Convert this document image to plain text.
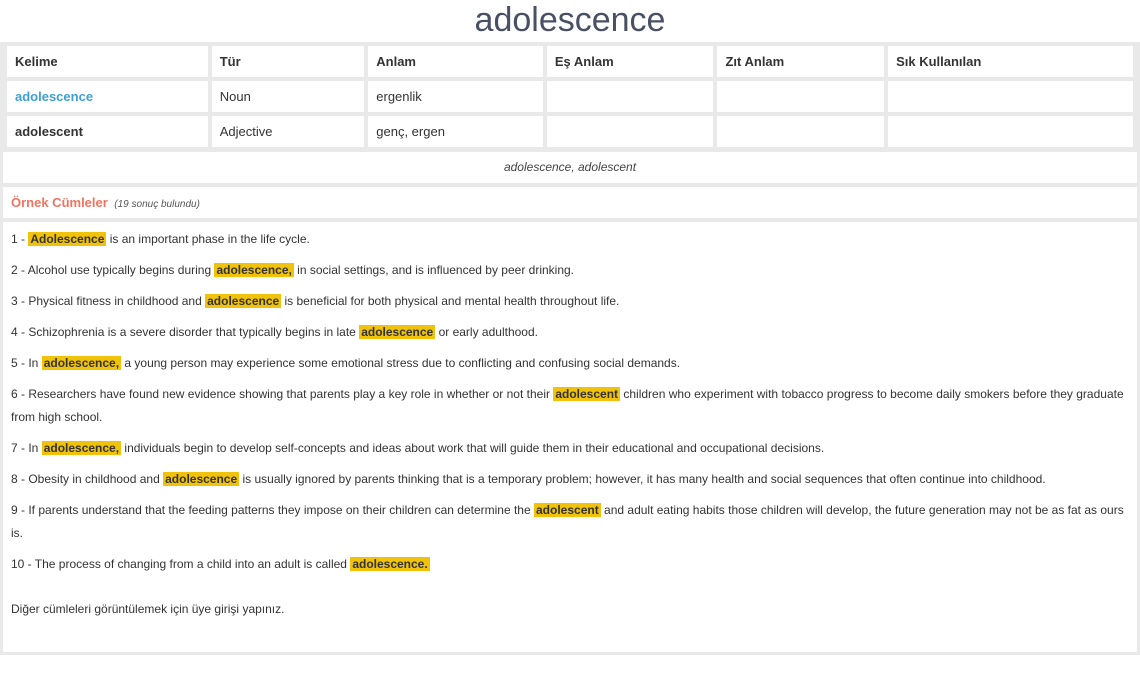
adolescence
Kelime	Tür	Anlam	Eş Anlam	Zıt Anlam	Sık Kullanılan
adolescence	Noun	ergenlik			
adolescent	Adjective	genç, ergen			
adolescence, adolescent
Örnek Cümleler (19 sonuç bulundu)
1 - Adolescence is an important phase in the life cycle.
2 - Alcohol use typically begins during adolescence, in social settings, and is influenced by peer drinking.
3 - Physical fitness in childhood and adolescence is beneficial for both physical and mental health throughout life.
4 - Schizophrenia is a severe disorder that typically begins in late adolescence or early adulthood.
5 - In adolescence, a young person may experience some emotional stress due to conflicting and confusing social demands.
6 - Researchers have found new evidence showing that parents play a key role in whether or not their adolescent children who experiment with tobacco progress to become daily smokers before they graduate from high school.
7 - In adolescence, individuals begin to develop self-concepts and ideas about work that will guide them in their educational and occupational decisions.
8 - Obesity in childhood and adolescence is usually ignored by parents thinking that is a temporary problem; however, it has many health and social sequences that often continue into childhood.
9 - If parents understand that the feeding patterns they impose on their children can determine the adolescent and adult eating habits those children will develop, the future generation may not be as fat as ours is.
10 - The process of changing from a child into an adult is called adolescence.
Diğer cümleleri görüntülemek için üye girişi yapınız.
